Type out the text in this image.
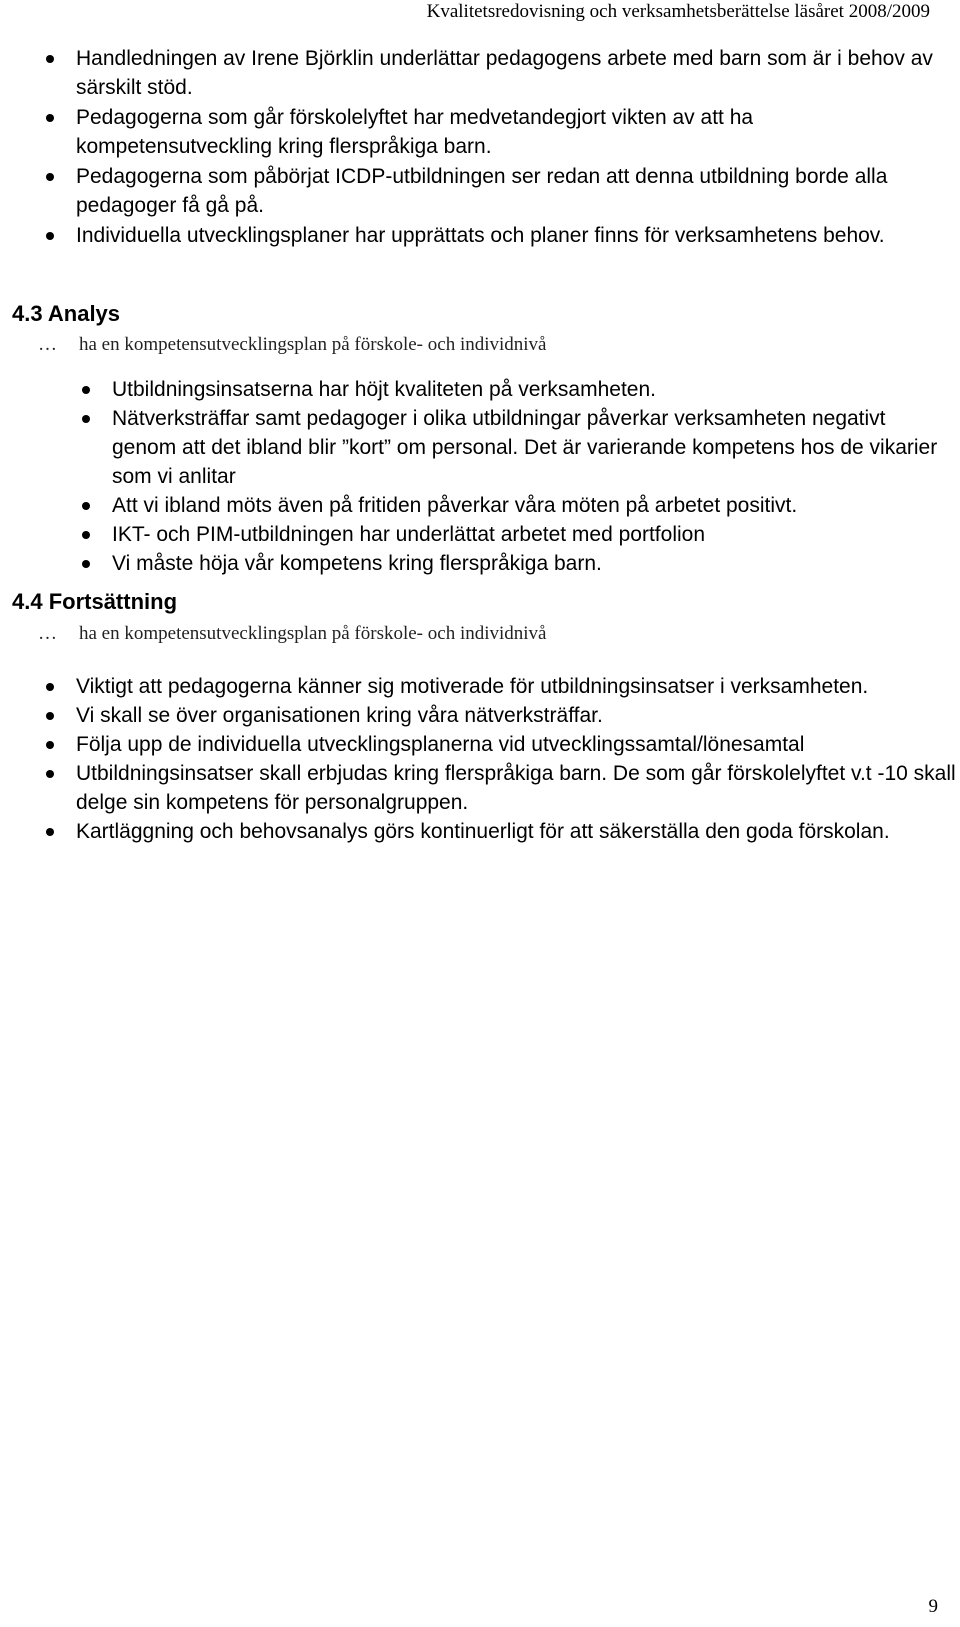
Kvalitetsredovisning och verksamhetsberättelse läsåret 2008/2009
Handledningen av Irene Björklin underlättar pedagogens arbete med barn som är i behov av särskilt stöd.
Pedagogerna som går förskolelyftet har medvetandegjort vikten av att ha kompetensutveckling kring flerspråkiga barn.
Pedagogerna som påbörjat ICDP-utbildningen ser redan att denna utbildning borde alla pedagoger få gå på.
Individuella utvecklingsplaner har upprättats och planer finns för verksamhetens behov.
4.3 Analys
… ha en kompetensutvecklingsplan på förskole- och individnivå
Utbildningsinsatserna har höjt kvaliteten på verksamheten.
Nätverksträffar samt pedagoger i olika utbildningar påverkar verksamheten negativt genom att det ibland blir ”kort” om personal. Det är varierande kompetens hos de vikarier som vi anlitar
Att vi ibland möts även på fritiden påverkar våra möten på arbetet positivt.
IKT- och PIM-utbildningen har underlättat arbetet med portfolion
Vi måste höja vår kompetens kring flerspråkiga barn.
4.4 Fortsättning
… ha en kompetensutvecklingsplan på förskole- och individnivå
Viktigt att pedagogerna känner sig motiverade för utbildningsinsatser i verksamheten.
Vi skall se över organisationen kring våra nätverksträffar.
Följa upp de individuella utvecklingsplanerna vid utvecklingssamtal/lönesamtal
Utbildningsinsatser skall erbjudas kring flerspråkiga barn. De som går förskolelyftet v.t -10 skall delge sin kompetens för personalgruppen.
Kartläggning och behovsanalys görs kontinuerligt för att säkerställa den goda förskolan.
9
